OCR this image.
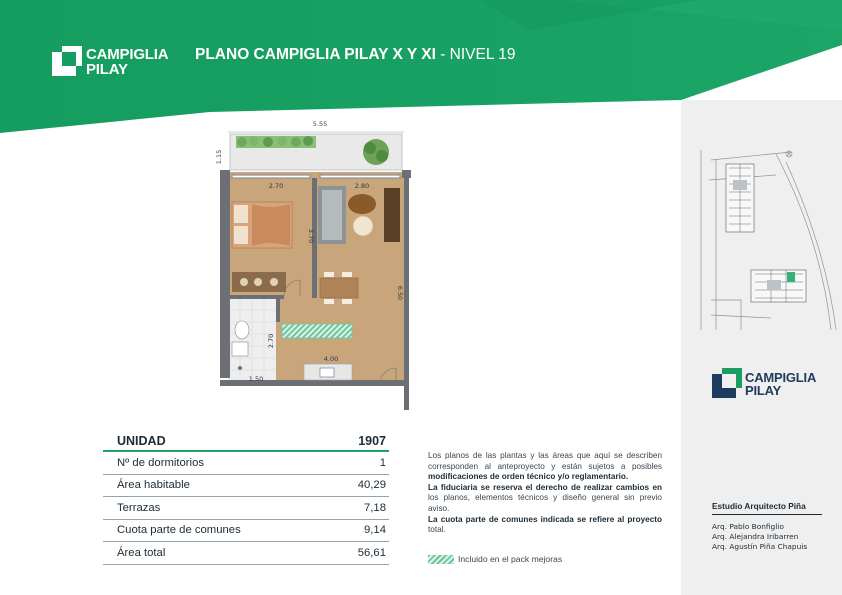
CAMPIGLIA
PILAY
PLANO CAMPIGLIA PILAY X Y XI - NIVEL 19
5.55
1.15
2.70	2.80
3.70
6.50
2.70
4.00
1.50
UNIDAD	1907
Nº de dormitorios	1
Área habitable	40,29
Terrazas	7,18
Cuota parte de comunes	9,14
Área total	56,61
Los planos de las plantas y las áreas que aquí se describen corresponden al anteproyecto y están sujetos a posibles modificaciones de orden técnico y/o reglamentario.
La fiduciaria se reserva el derecho de realizar cambios en los planos, elementos técnicos y diseño general sin previo aviso.
La cuota parte de comunes indicada se refiere al proyecto total.
Incluido en el pack mejoras
CAMPIGLIA
PILAY
Estudio Arquitecto Piña
Arq. Pablo Bonfiglio
Arq. Alejandra Iribarren
Arq. Agustín Piña Chapuis
